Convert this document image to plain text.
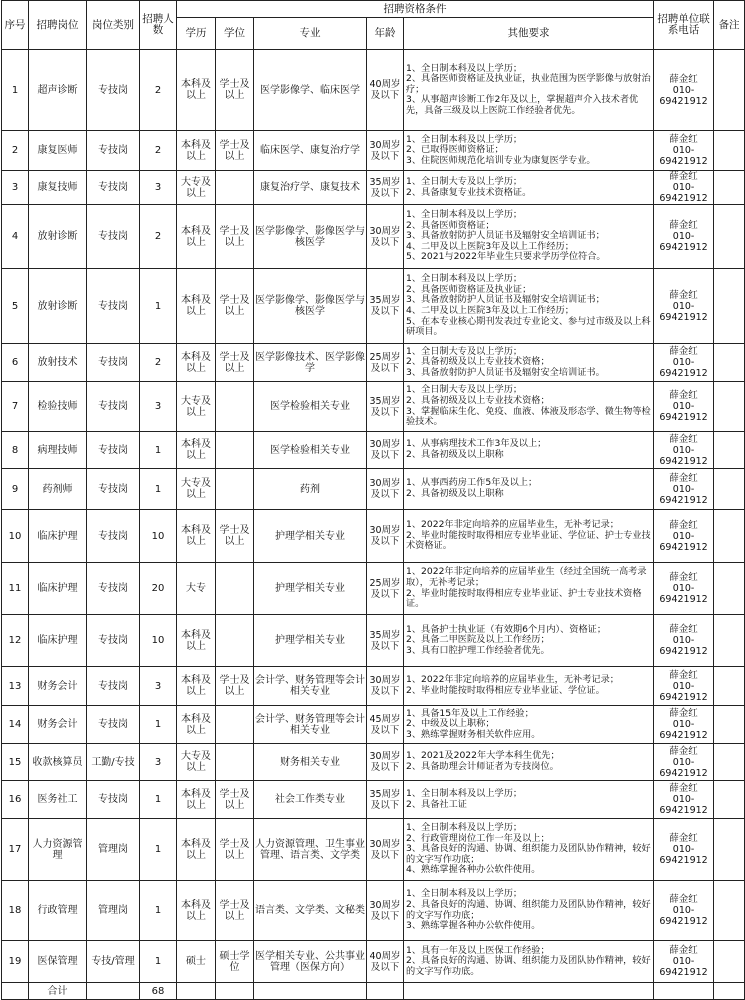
序号	招聘岗位	岗位类别	招聘人数	招聘资格条件					招聘单位联系电话	备注
				学历	学位	专业	年龄	其他要求		
1	超声诊断	专技岗	2	本科及以上	学士及以上	医学影像学、临床医学	40周岁及以下	1、全日制本科及以上学历；
2、具备医师资格证及执业证，执业范围为医学影像与放射治疗；
3、从事超声诊断工作2年及以上，掌握超声介入技术者优先，具备三级及以上医院工作经验者优先。	薛金红
010-
69421912	
2	康复医师	专技岗	2	本科及以上	学士及以上	临床医学、康复治疗学	30周岁及以下	1、全日制本科及以上学历；
2、已取得医师资格证；
3、住院医师规范化培训专业为康复医学专业。	薛金红
010-
69421912	
3	康复技师	专技岗	3	大专及以上		康复治疗学、康复技术	35周岁及以下	1、全日制大专及以上学历；
2、具备康复专业技术资格证。	薛金红
010-
69421912	
4	放射诊断	专技岗	2	本科及以上	学士及以上	医学影像学、影像医学与核医学	30周岁及以下	1、全日制本科及以上学历；
2、具备医师资格证；
3、具备放射防护人员证书及辐射安全培训证书；
4、二甲及以上医院3年及以上工作经历；
5、2021与2022年毕业生只要求学历学位符合。	薛金红
010-
69421912	
5	放射诊断	专技岗	1	本科及以上	学士及以上	医学影像学、影像医学与核医学	35周岁及以下	1、全日制本科及以上学历；
2、具备医师资格证及执业证；
3、具备放射防护人员证书及辐射安全培训证书；
4、二甲及以上医院3年及以上工作经历；
5、在本专业核心期刊发表过专业论文、参与过市级及以上科研项目。	薛金红
010-
69421912	
6	放射技术	专技岗	2	本科及以上	学士及以上	医学影像技术、医学影像学	25周岁及以下	1、全日制大专及以上学历；
2、具备初级及以上专业技术资格；
3、具备放射防护人员证书及辐射安全培训证书。	薛金红
010-
69421912	
7	检验技师	专技岗	3	大专及以上		医学检验相关专业	35周岁及以下	1、全日制大专及以上学历；
2、具备初级及以上专业技术资格；
3、掌握临床生化、免疫、血液、体液及形态学、微生物等检验技术。	薛金红
010-
69421912	
8	病理技师	专技岗	1	本科及以上		医学检验相关专业	30周岁及以下	1、从事病理技术工作3年及以上；
2、具备初级及以上职称	薛金红
010-
69421912	
9	药剂师	专技岗	1	大专及以上		药剂	30周岁及以下	1、从事西药房工作5年及以上；
2、具备初级及以上职称	薛金红
010-
69421912	
10	临床护理	专技岗	10	本科及以上	学士及以上	护理学相关专业	30周岁及以下	1、2022年非定向培养的应届毕业生，无补考记录；
2、毕业时能按时取得相应专业毕业证、学位证、护士专业技术资格证。	薛金红
010-
69421912	
11	临床护理	专技岗	20	大专		护理学相关专业	25周岁及以下	1、2022年非定向培养的应届毕业生（经过全国统一高考录取），无补考记录；
2、毕业时能按时取得相应专业毕业证、护士专业技术资格证。	薛金红
010-
69421912	
12	临床护理	专技岗	10	本科及以上		护理学相关专业	35周岁及以下	1、具备护士执业证（有效期6个月内）、资格证；
2、具备二甲医院及以上工作经历；
3、具有口腔护理工作经验者优先。	薛金红
010-
69421912	
13	财务会计	专技岗	3	本科及以上	学士及以上	会计学、财务管理等会计相关专业	30周岁及以下	1、2022年非定向培养的应届毕业生，无补考记录；
2、毕业时能按时取得相应专业毕业证、学位证。	薛金红
010-
69421912	
14	财务会计	专技岗	1	本科及以上		会计学、财务管理等会计相关专业	45周岁及以下	1、具备15年及以上工作经验；
2、中级及以上职称；
3、熟练掌握财务相关软件应用。	薛金红
010-
69421912	
15	收款核算员	工勤/专技	3	大专及以上		财务相关专业	30周岁及以下	1、2021及2022年大学本科生优先；
2、具备助理会计师证者为专技岗位。	薛金红
010-
69421912	
16	医务社工	专技岗	1	本科及以上	学士及以上	社会工作类专业	35周岁及以下	1、全日制本科及以上学历；
2、具备社工证	薛金红
010-
69421912	
17	人力资源管理	管理岗	1	本科及以上	学士及以上	人力资源管理、卫生事业管理、语言类、文学类	30周岁及以下	1、全日制本科及以上学历；
2、行政管理岗位工作一年及以上；
3、具备良好的沟通、协调、组织能力及团队协作精神，较好的文字写作功底；
4、熟练掌握各种办公软件使用。	薛金红
010-
69421912	
18	行政管理	管理岗	1	本科及以上	学士及以上	语言类、文学类、文秘类	30周岁及以下	1、全日制本科及以上学历；
2、具备良好的沟通、协调、组织能力及团队协作精神，较好的文字写作功底；
3、熟练掌握各种办公软件使用。	薛金红
010-
69421912	
19	医保管理	专技/管理	1	硕士	硕士学位	医学相关专业、公共事业管理（医保方向）	40周岁及以下	1、具有一年及以上医保工作经验；
2、具备良好的沟通、协调、组织能力及团队协作精神，较好的文字写作功底。	薛金红
010-
69421912	
	合计		68							
